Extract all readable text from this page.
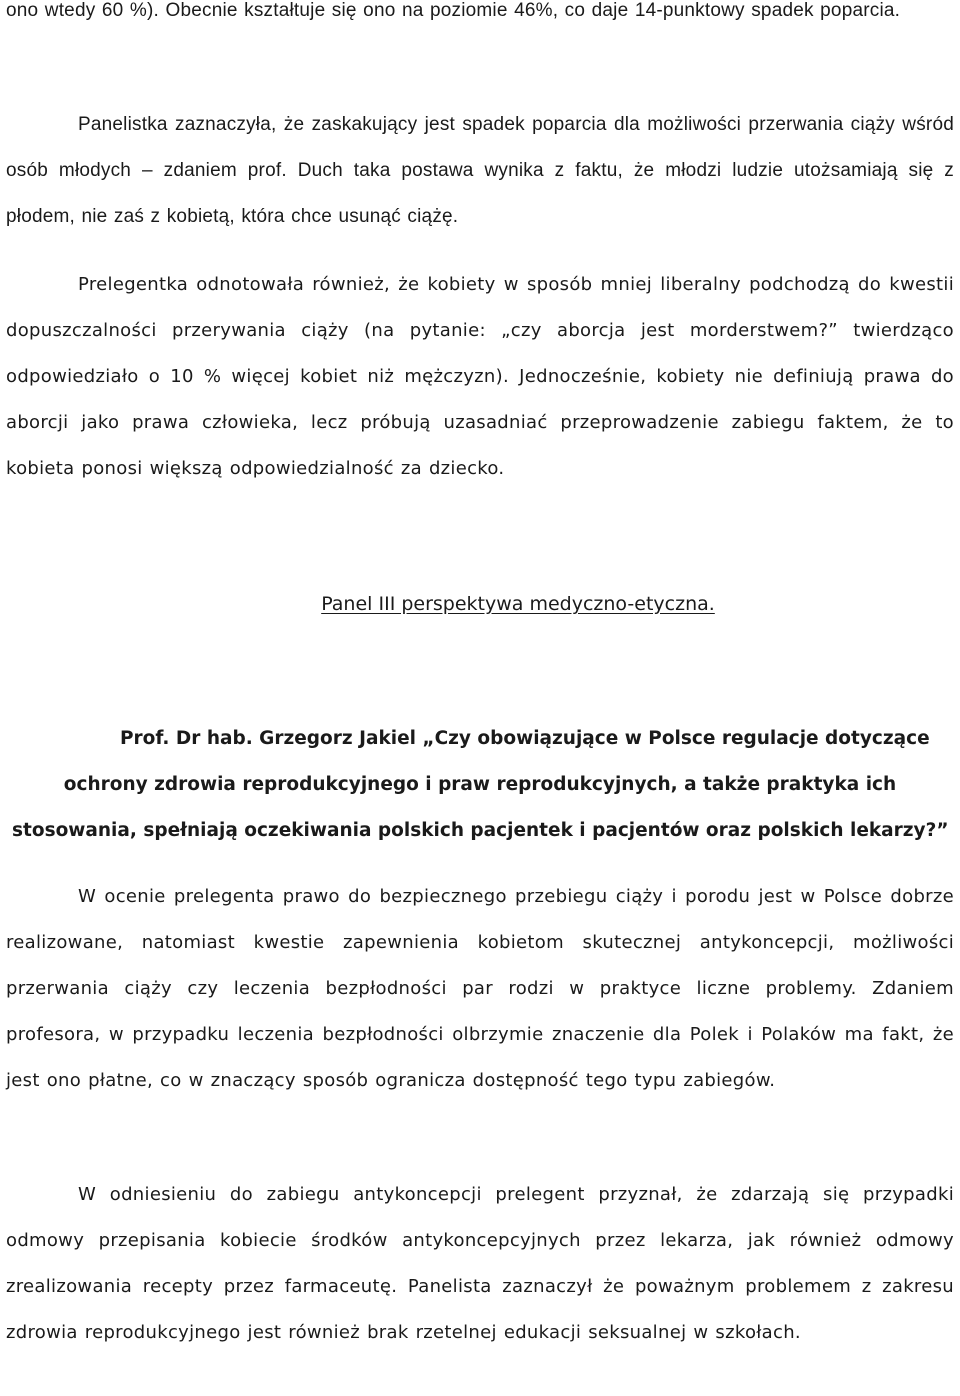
ono wtedy 60 %). Obecnie kształtuje się ono na poziomie 46%, co daje 14-punktowy spadek poparcia.

Panelistka zaznaczyła, że zaskakujący jest spadek poparcia dla możliwości przerwania ciąży wśród osób młodych – zdaniem prof. Duch taka postawa wynika z faktu, że młodzi ludzie utożsamiają się z płodem, nie zaś z kobietą, która chce usunąć ciążę.

Prelegentka odnotowała również, że kobiety w sposób mniej liberalny podchodzą do kwestii dopuszczalności przerywania ciąży (na pytanie: „czy aborcja jest morderstwem?” twierdząco odpowiedziało o 10 % więcej kobiet niż mężczyzn). Jednocześnie, kobiety nie definiują prawa do aborcji jako prawa człowieka, lecz próbują uzasadniać przeprowadzenie zabiegu faktem, że to kobieta ponosi większą odpowiedzialność za dziecko.

Panel III perspektywa medyczno-etyczna.

Prof. Dr hab. Grzegorz Jakiel „Czy obowiązujące w Polsce regulacje dotyczące
ochrony zdrowia reprodukcyjnego i praw reprodukcyjnych, a także praktyka ich
stosowania, spełniają oczekiwania polskich pacjentek i pacjentów oraz polskich lekarzy?”

W ocenie prelegenta prawo do bezpiecznego przebiegu ciąży i porodu jest w Polsce dobrze realizowane, natomiast kwestie zapewnienia kobietom skutecznej antykoncepcji, możliwości przerwania ciąży czy leczenia bezpłodności par rodzi w praktyce liczne problemy. Zdaniem profesora, w przypadku leczenia bezpłodności olbrzymie znaczenie dla Polek i Polaków ma fakt, że jest ono płatne, co w znaczący sposób ogranicza dostępność tego typu zabiegów.

W odniesieniu do zabiegu antykoncepcji prelegent przyznał, że zdarzają się przypadki odmowy przepisania kobiecie środków antykoncepcyjnych przez lekarza, jak również odmowy zrealizowania recepty przez farmaceutę. Panelista zaznaczył że poważnym problemem z zakresu zdrowia reprodukcyjnego jest również brak rzetelnej edukacji seksualnej w szkołach.
